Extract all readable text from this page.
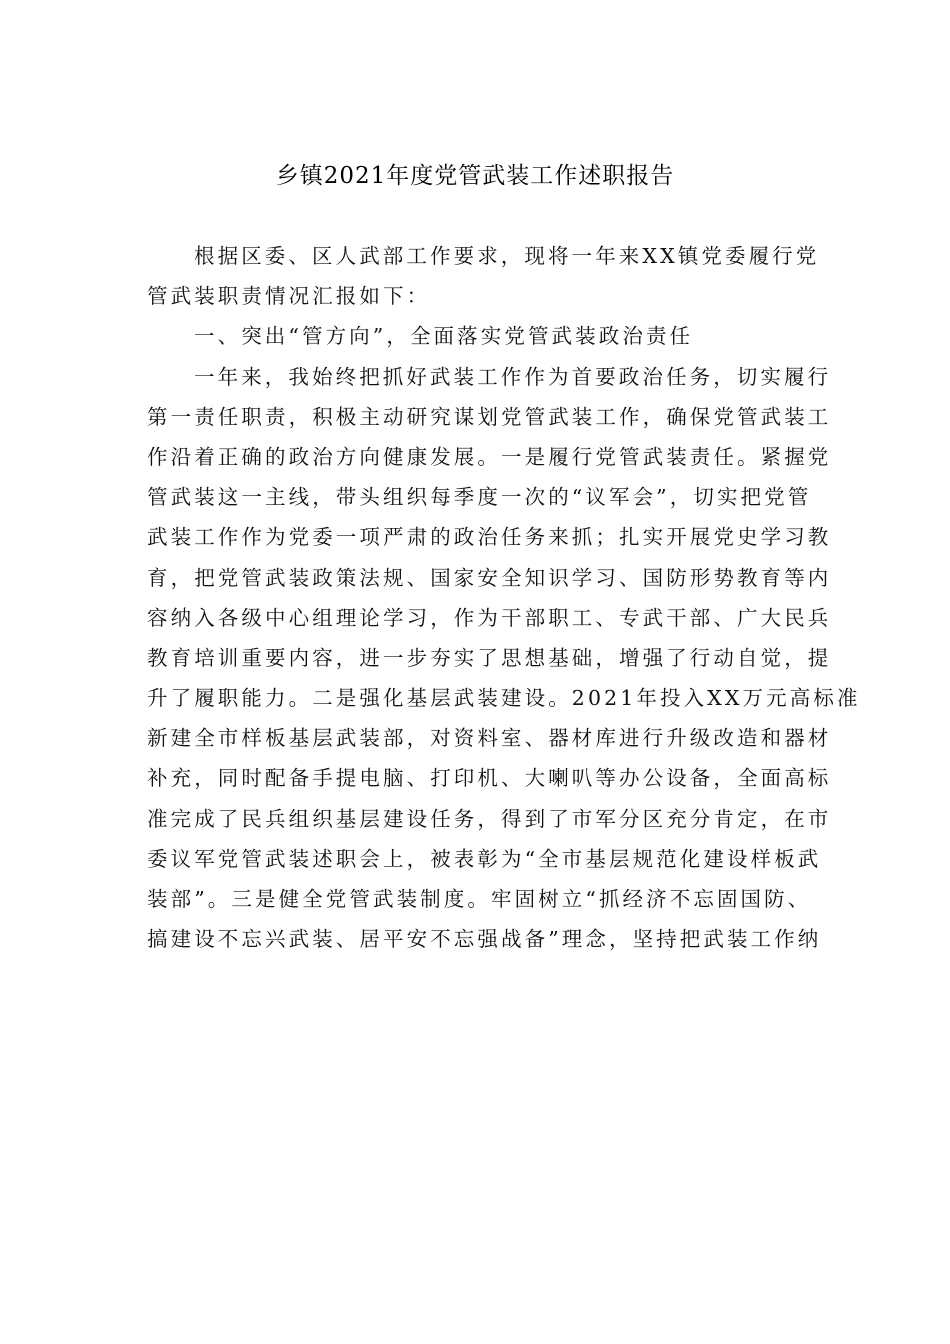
乡镇2021年度党管武装工作述职报告
根据区委、区人武部工作要求，现将一年来XX镇党委履行党
管武装职责情况汇报如下：
一、突出“管方向”，全面落实党管武装政治责任
一年来，我始终把抓好武装工作作为首要政治任务，切实履行
第一责任职责，积极主动研究谋划党管武装工作，确保党管武装工
作沿着正确的政治方向健康发展。一是履行党管武装责任。紧握党
管武装这一主线，带头组织每季度一次的“议军会”，切实把党管
武装工作作为党委一项严肃的政治任务来抓；扎实开展党史学习教
育，把党管武装政策法规、国家安全知识学习、国防形势教育等内
容纳入各级中心组理论学习，作为干部职工、专武干部、广大民兵
教育培训重要内容，进一步夯实了思想基础，增强了行动自觉，提
升了履职能力。二是强化基层武装建设。2021年投入XX万元高标准
新建全市样板基层武装部，对资料室、器材库进行升级改造和器材
补充，同时配备手提电脑、打印机、大喇叭等办公设备，全面高标
准完成了民兵组织基层建设任务，得到了市军分区充分肯定，在市
委议军党管武装述职会上，被表彰为“全市基层规范化建设样板武
装部”。三是健全党管武装制度。牢固树立“抓经济不忘固国防、
搞建设不忘兴武装、居平安不忘强战备”理念，坚持把武装工作纳
